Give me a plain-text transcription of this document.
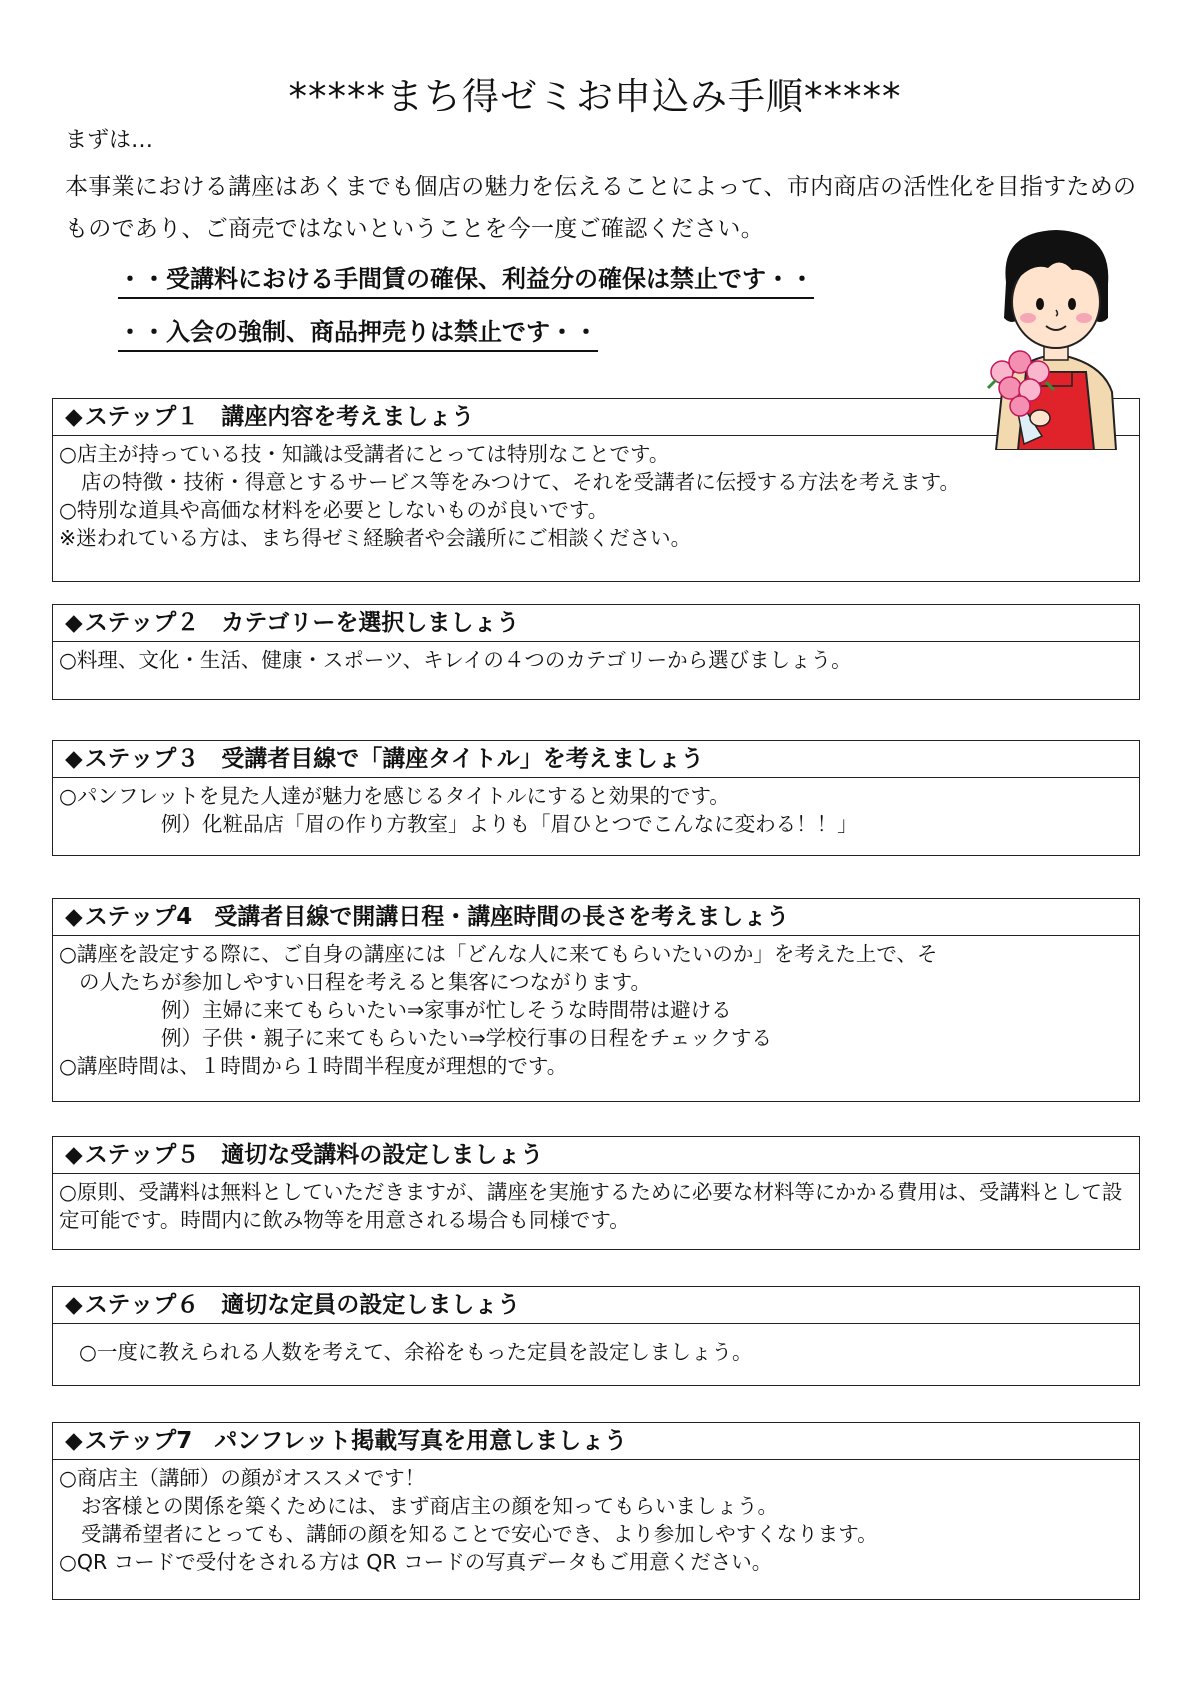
*****まち得ゼミお申込み手順*****
まずは…
本事業における講座はあくまでも個店の魅力を伝えることによって、市内商店の活性化を目指すためのものであり、ご商売ではないということを今一度ご確認ください。
・・受講料における手間賃の確保、利益分の確保は禁止です・・
・・入会の強制、商品押売りは禁止です・・
◆ステップ１ 講座内容を考えましょう
○店主が持っている技・知識は受講者にとっては特別なことです。
店の特徴・技術・得意とするサービス等をみつけて、それを受講者に伝授する方法を考えます。
○特別な道具や高価な材料を必要としないものが良いです。
※迷われている方は、まち得ゼミ経験者や会議所にご相談ください。
◆ステップ２ カテゴリーを選択しましょう
○料理、文化・生活、健康・スポーツ、キレイの４つのカテゴリーから選びましょう。
◆ステップ３ 受講者目線で「講座タイトル」を考えましょう
○パンフレットを見た人達が魅力を感じるタイトルにすると効果的です。
例）化粧品店「眉の作り方教室」よりも「眉ひとつでこんなに変わる！！」
◆ステップ4 受講者目線で開講日程・講座時間の長さを考えましょう
○講座を設定する際に、ご自身の講座には「どんな人に来てもらいたいのか」を考えた上で、そ
の人たちが参加しやすい日程を考えると集客につながります。
例）主婦に来てもらいたい⇒家事が忙しそうな時間帯は避ける
例）子供・親子に来てもらいたい⇒学校行事の日程をチェックする
○講座時間は、１時間から１時間半程度が理想的です。
◆ステップ５ 適切な受講料の設定しましょう
○原則、受講料は無料としていただきますが、講座を実施するために必要な材料等にかかる費用は、受講料として設定可能です。時間内に飲み物等を用意される場合も同様です。
◆ステップ６ 適切な定員の設定しましょう
○一度に教えられる人数を考えて、余裕をもった定員を設定しましょう。
◆ステップ7 パンフレット掲載写真を用意しましょう
○商店主（講師）の顔がオススメです！
お客様との関係を築くためには、まず商店主の顔を知ってもらいましょう。
受講希望者にとっても、講師の顔を知ることで安心でき、より参加しやすくなります。
○QR コードで受付をされる方は QR コードの写真データもご用意ください。
